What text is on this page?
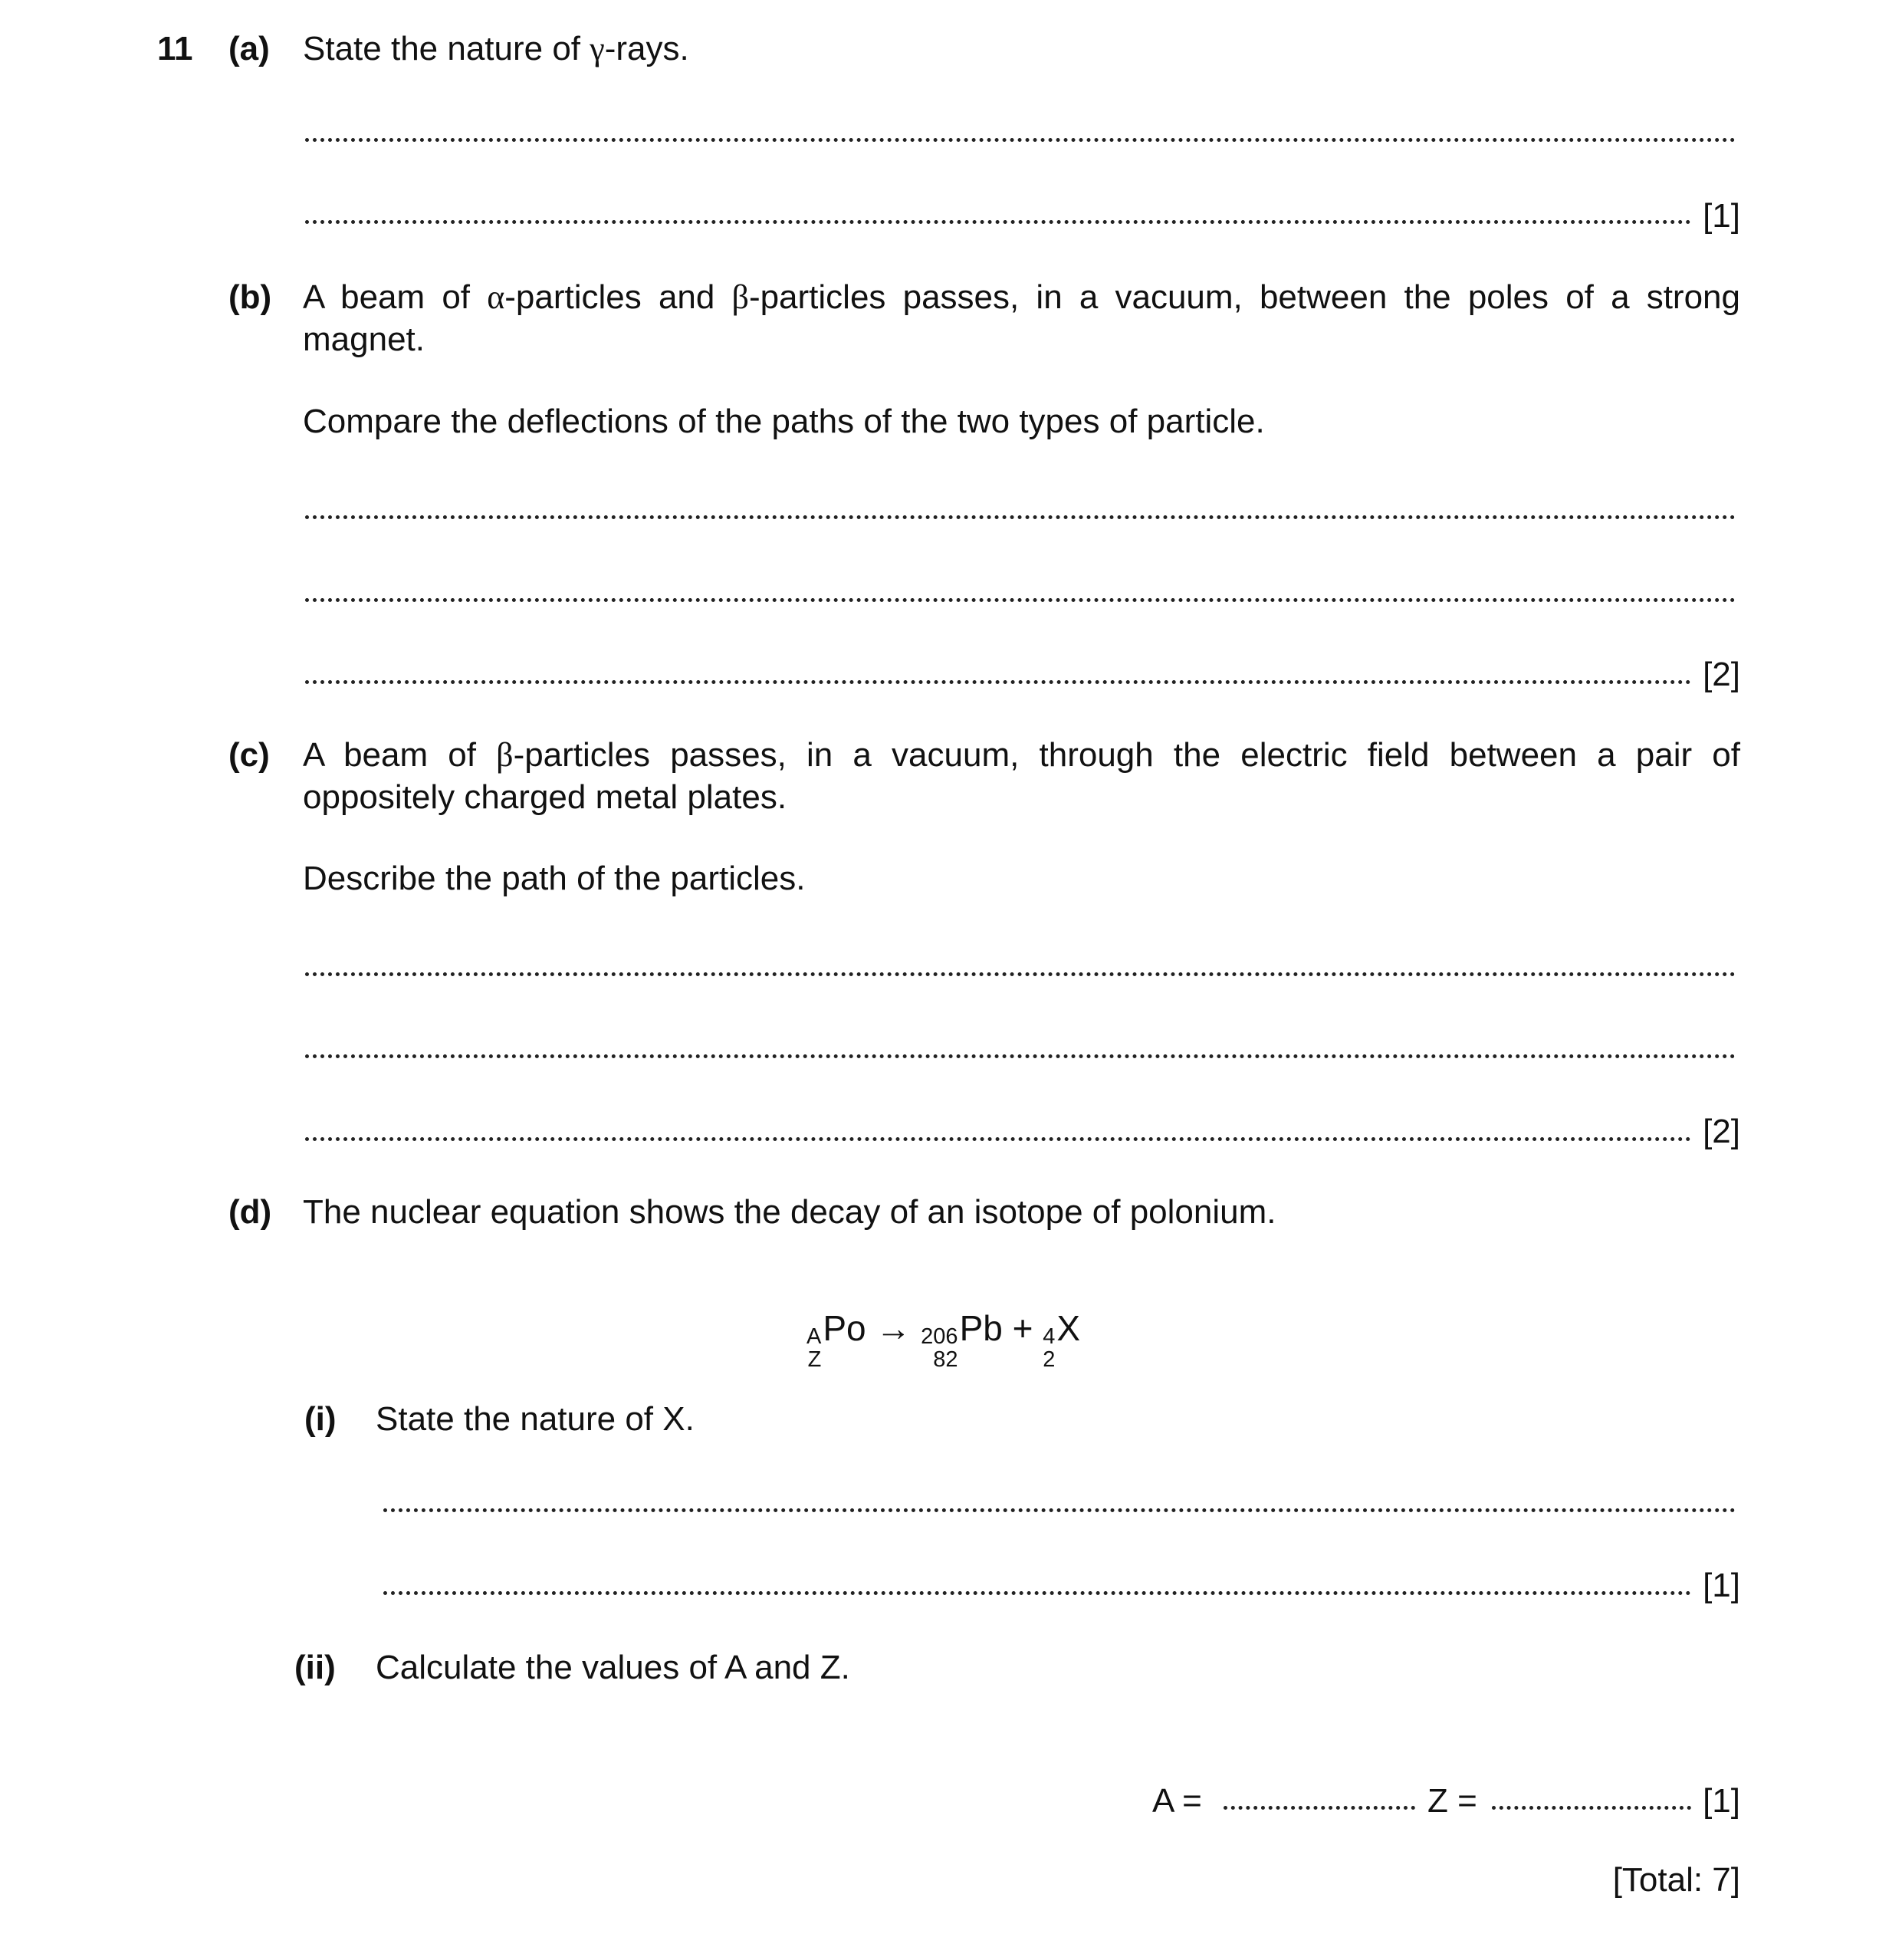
11 (a) State the nature of γ-rays.
[1]
(b) A beam of α-particles and β-particles passes, in a vacuum, between the poles of a strong magnet.
Compare the deflections of the paths of the two types of particle.
[2]
(c) A beam of β-particles passes, in a vacuum, through the electric field between a pair of oppositely charged metal plates.
Describe the path of the particles.
[2]
(d) The nuclear equation shows the decay of an isotope of polonium.
A
Z
Po → 206
82
Pb + 4
2
X
(i) State the nature of X.
[1]
(ii) Calculate the values of A and Z.
A =	Z =	[1]
[Total: 7]
